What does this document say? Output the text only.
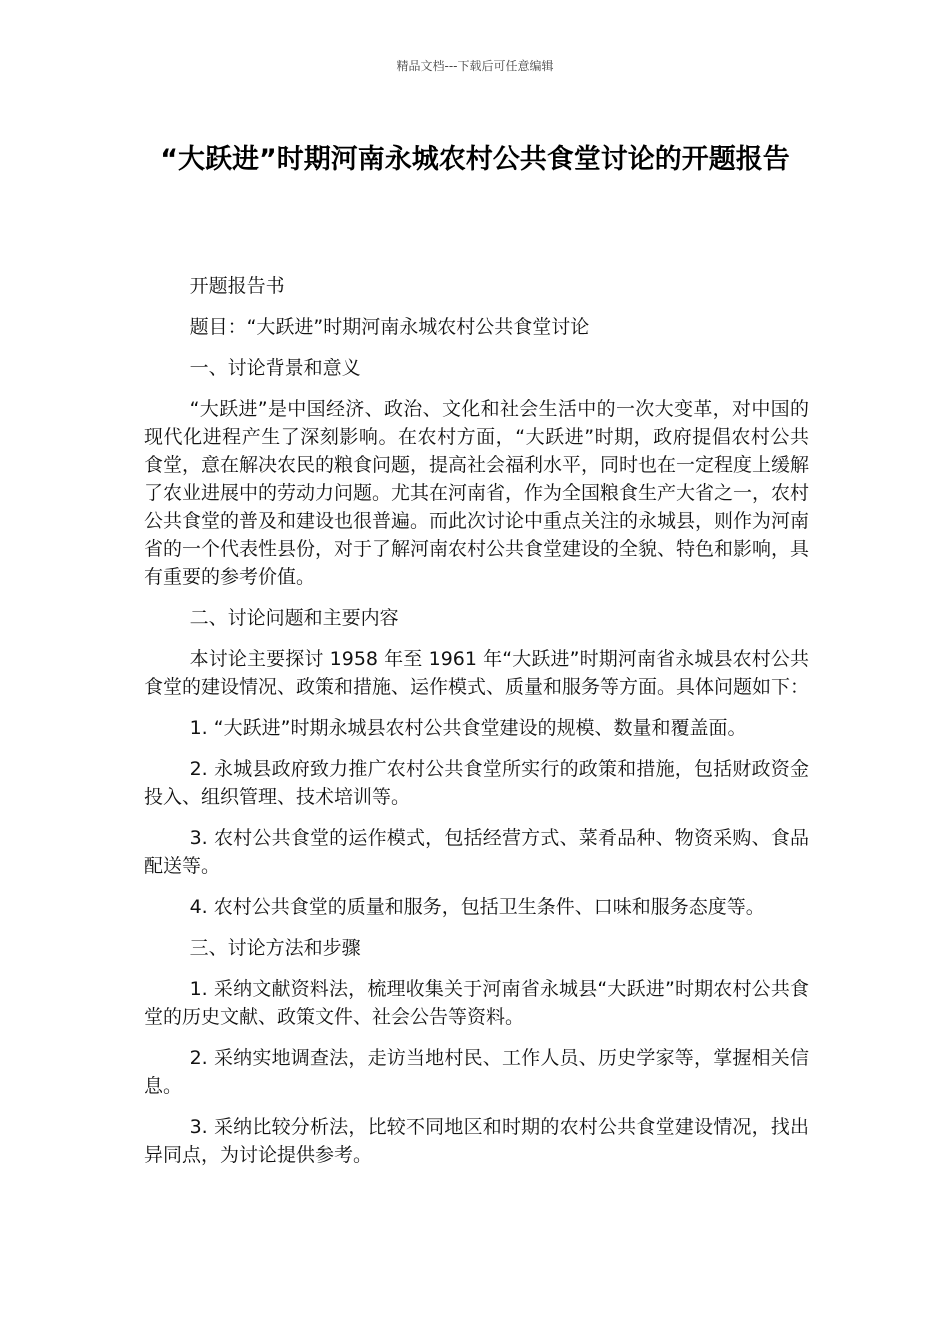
精品文档---下载后可任意编辑
“大跃进”时期河南永城农村公共食堂讨论的开题报告

开题报告书

题目：“大跃进”时期河南永城农村公共食堂讨论

一、讨论背景和意义

“大跃进”是中国经济、政治、文化和社会生活中的一次大变革，对中国的现代化进程产生了深刻影响。在农村方面，“大跃进”时期，政府提倡农村公共食堂，意在解决农民的粮食问题，提高社会福利水平，同时也在一定程度上缓解了农业进展中的劳动力问题。尤其在河南省，作为全国粮食生产大省之一，农村公共食堂的普及和建设也很普遍。而此次讨论中重点关注的永城县，则作为河南省的一个代表性县份，对于了解河南农村公共食堂建设的全貌、特色和影响，具有重要的参考价值。

二、讨论问题和主要内容

本讨论主要探讨 1958 年至 1961 年“大跃进”时期河南省永城县农村公共食堂的建设情况、政策和措施、运作模式、质量和服务等方面。具体问题如下：

1. “大跃进”时期永城县农村公共食堂建设的规模、数量和覆盖面。

2. 永城县政府致力推广农村公共食堂所实行的政策和措施，包括财政资金投入、组织管理、技术培训等。

3. 农村公共食堂的运作模式，包括经营方式、菜肴品种、物资采购、食品配送等。

4. 农村公共食堂的质量和服务，包括卫生条件、口味和服务态度等。

三、讨论方法和步骤

1. 采纳文献资料法，梳理收集关于河南省永城县“大跃进”时期农村公共食堂的历史文献、政策文件、社会公告等资料。

2. 采纳实地调查法，走访当地村民、工作人员、历史学家等，掌握相关信息。

3. 采纳比较分析法，比较不同地区和时期的农村公共食堂建设情况，找出异同点，为讨论提供参考。
